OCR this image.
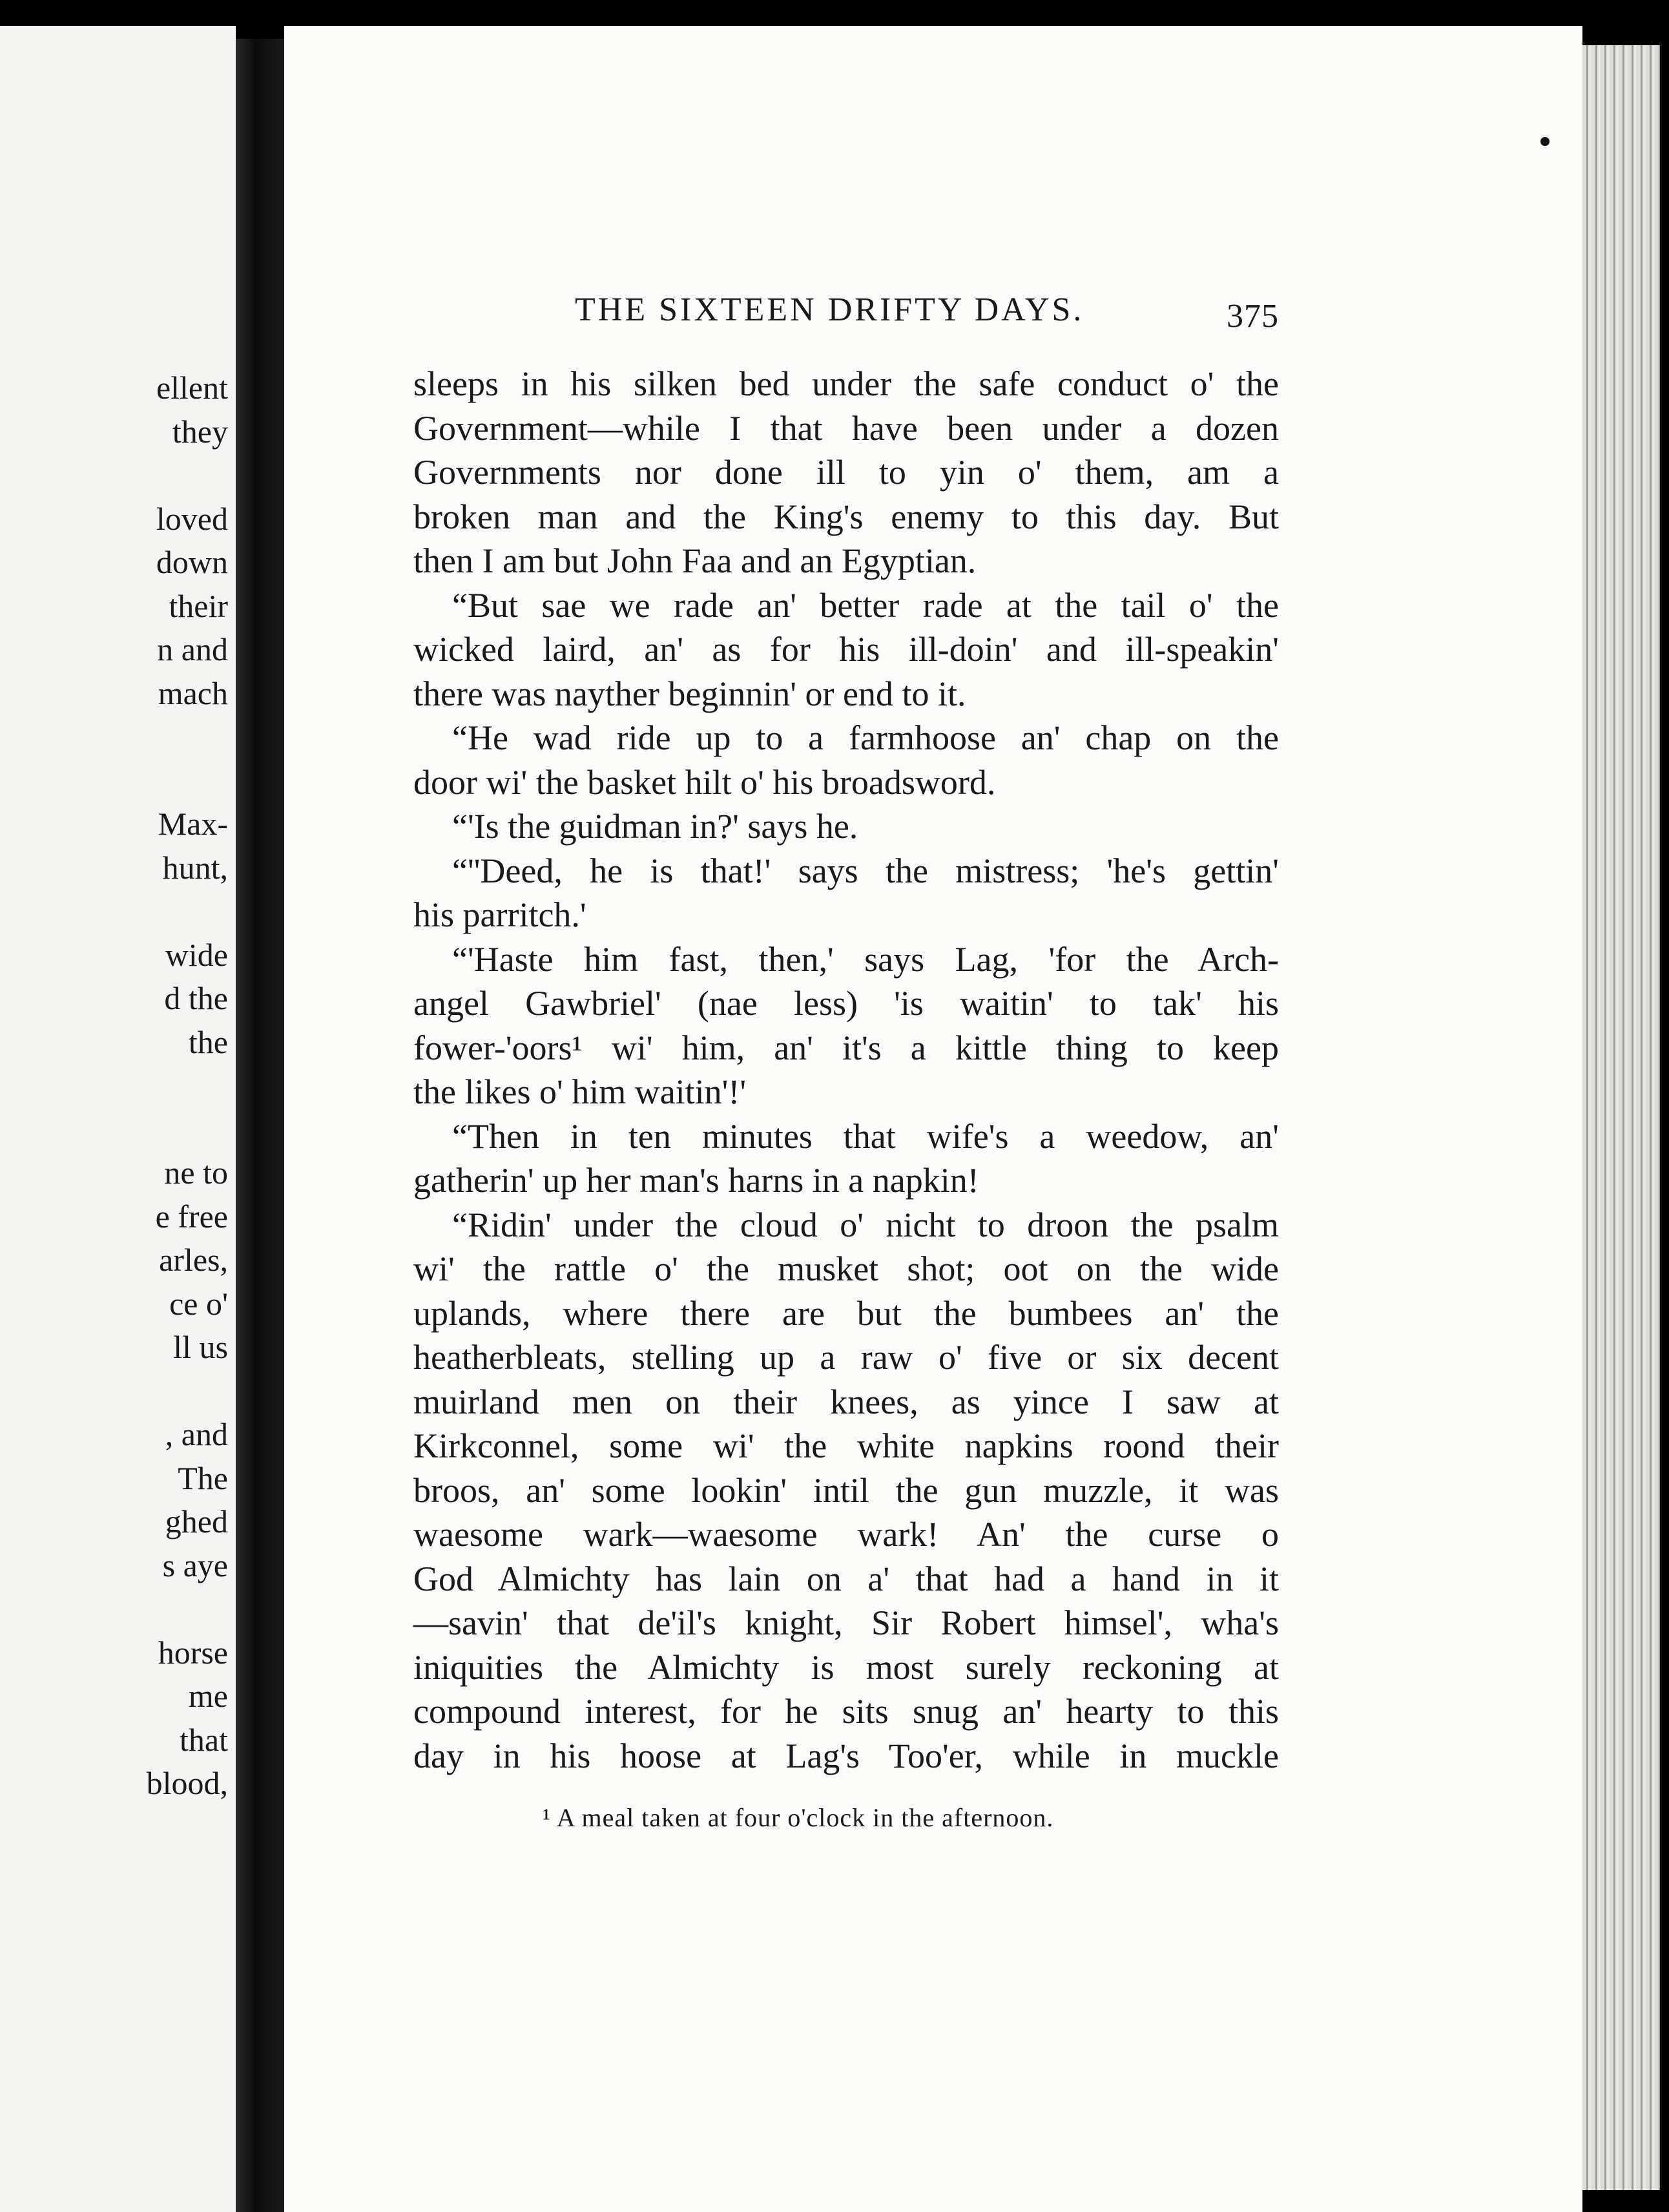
ellent
they
loved
down
their
n and
mach
Max-
hunt,
wide
d the
the
ne to
e free
arles,
ce o'
ll us
, and
The
ghed
s aye
horse
me
that
blood,
THE SIXTEEN DRIFTY DAYS.	375
sleeps in his silken bed under the safe conduct o' the
Government—while I that have been under a dozen
Governments nor done ill to yin o' them, am a
broken man and the King's enemy to this day. But
then I am but John Faa and an Egyptian.
“But sae we rade an' better rade at the tail o' the
wicked laird, an' as for his ill-doin' and ill-speakin'
there was nayther beginnin' or end to it.
“He wad ride up to a farmhoose an' chap on the
door wi' the basket hilt o' his broadsword.
“'Is the guidman in?' says he.
“''Deed, he is that!' says the mistress; 'he's gettin'
his parritch.'
“'Haste him fast, then,' says Lag, 'for the Arch-
angel Gawbriel' (nae less) 'is waitin' to tak' his
fower-'oors¹ wi' him, an' it's a kittle thing to keep
the likes o' him waitin'!'
“Then in ten minutes that wife's a weedow, an'
gatherin' up her man's harns in a napkin!
“Ridin' under the cloud o' nicht to droon the psalm
wi' the rattle o' the musket shot; oot on the wide
uplands, where there are but the bumbees an' the
heatherbleats, stelling up a raw o' five or six decent
muirland men on their knees, as yince I saw at
Kirkconnel, some wi' the white napkins roond their
broos, an' some lookin' intil the gun muzzle, it was
waesome wark—waesome wark! An' the curse o
God Almichty has lain on a' that had a hand in it
—savin' that de'il's knight, Sir Robert himsel', wha's
iniquities the Almichty is most surely reckoning at
compound interest, for he sits snug an' hearty to this
day in his hoose at Lag's Too'er, while in muckle
¹ A meal taken at four o'clock in the afternoon.
